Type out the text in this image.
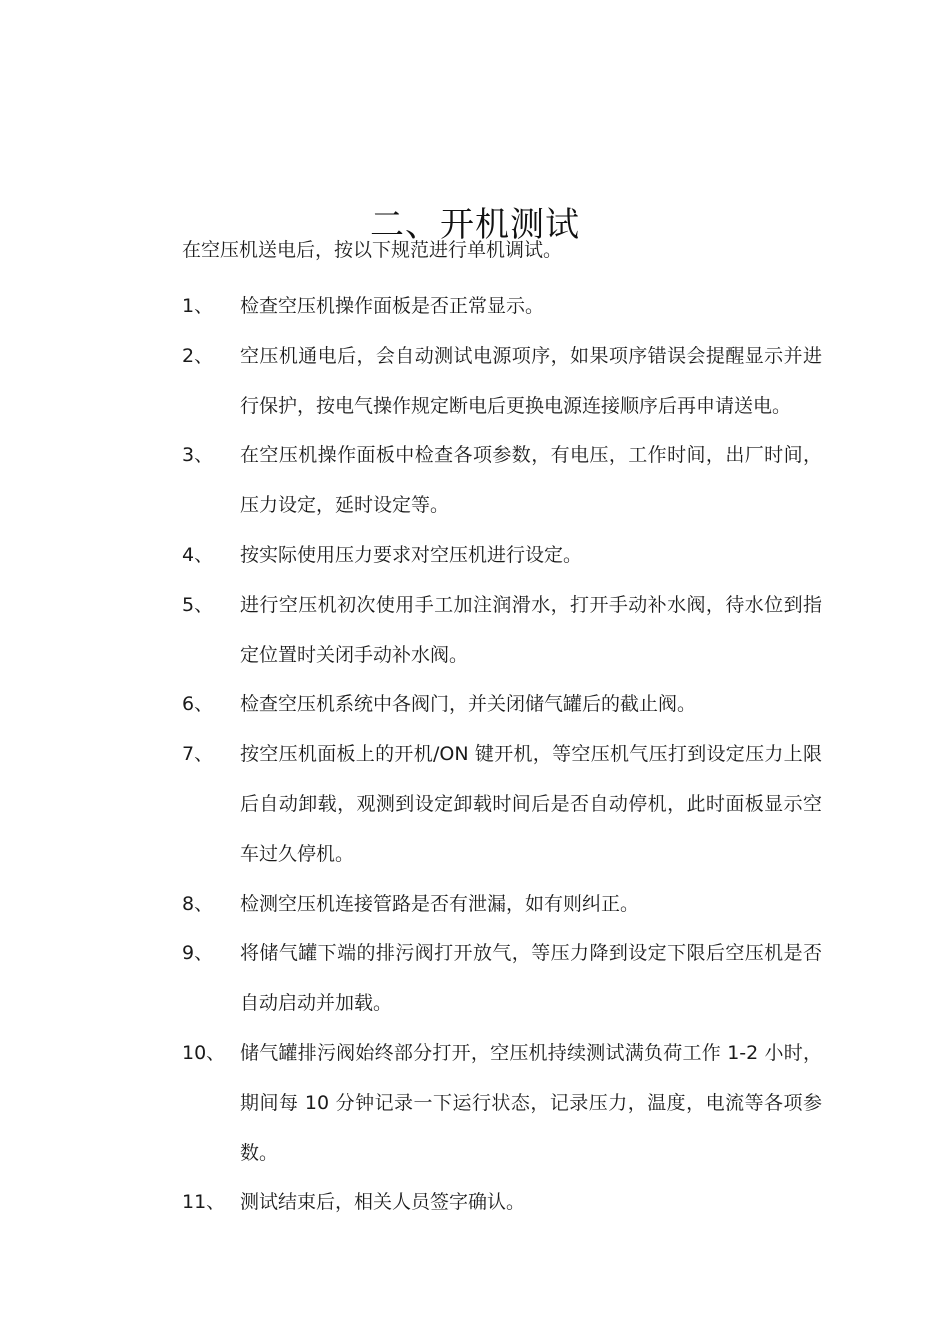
二、开机测试
在空压机送电后，按以下规范进行单机调试。
1、	检查空压机操作面板是否正常显示。
2、	空压机通电后，会自动测试电源项序，如果项序错误会提醒显示并进行保护，按电气操作规定断电后更换电源连接顺序后再申请送电。
3、	在空压机操作面板中检查各项参数，有电压，工作时间，出厂时间，压力设定，延时设定等。
4、	按实际使用压力要求对空压机进行设定。
5、	进行空压机初次使用手工加注润滑水，打开手动补水阀，待水位到指定位置时关闭手动补水阀。
6、	检查空压机系统中各阀门，并关闭储气罐后的截止阀。
7、	按空压机面板上的开机/ON 键开机，等空压机气压打到设定压力上限后自动卸载，观测到设定卸载时间后是否自动停机，此时面板显示空车过久停机。
8、	检测空压机连接管路是否有泄漏，如有则纠正。
9、	将储气罐下端的排污阀打开放气，等压力降到设定下限后空压机是否自动启动并加载。
10、 储气罐排污阀始终部分打开，空压机持续测试满负荷工作 1-2 小时，期间每 10 分钟记录一下运行状态，记录压力，温度，电流等各项参数。
11、 测试结束后，相关人员签字确认。
